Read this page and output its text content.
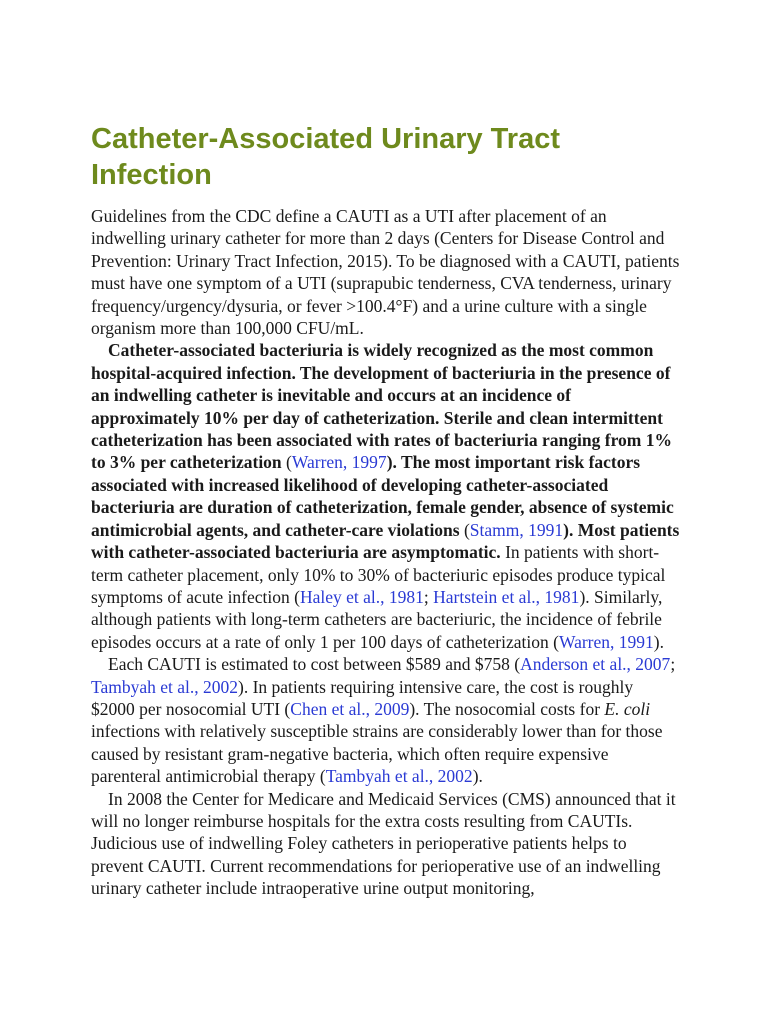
Catheter-Associated Urinary Tract Infection

Guidelines from the CDC define a CAUTI as a UTI after placement of an indwelling urinary catheter for more than 2 days (Centers for Disease Control and Prevention: Urinary Tract Infection, 2015). To be diagnosed with a CAUTI, patients must have one symptom of a UTI (suprapubic tenderness, CVA tenderness, urinary frequency/urgency/dysuria, or fever >100.4°F) and a urine culture with a single organism more than 100,000 CFU/mL.

Catheter-associated bacteriuria is widely recognized as the most common hospital-acquired infection. The development of bacteriuria in the presence of an indwelling catheter is inevitable and occurs at an incidence of approximately 10% per day of catheterization. Sterile and clean intermittent catheterization has been associated with rates of bacteriuria ranging from 1% to 3% per catheterization (Warren, 1997). The most important risk factors associated with increased likelihood of developing catheter-associated bacteriuria are duration of catheterization, female gender, absence of systemic antimicrobial agents, and catheter-care violations (Stamm, 1991). Most patients with catheter-associated bacteriuria are asymptomatic. In patients with short-term catheter placement, only 10% to 30% of bacteriuric episodes produce typical symptoms of acute infection (Haley et al., 1981; Hartstein et al., 1981). Similarly, although patients with long-term catheters are bacteriuric, the incidence of febrile episodes occurs at a rate of only 1 per 100 days of catheterization (Warren, 1991).

Each CAUTI is estimated to cost between $589 and $758 (Anderson et al., 2007; Tambyah et al., 2002). In patients requiring intensive care, the cost is roughly $2000 per nosocomial UTI (Chen et al., 2009). The nosocomial costs for E. coli infections with relatively susceptible strains are considerably lower than for those caused by resistant gram-negative bacteria, which often require expensive parenteral antimicrobial therapy (Tambyah et al., 2002).

In 2008 the Center for Medicare and Medicaid Services (CMS) announced that it will no longer reimburse hospitals for the extra costs resulting from CAUTIs. Judicious use of indwelling Foley catheters in perioperative patients helps to prevent CAUTI. Current recommendations for perioperative use of an indwelling urinary catheter include intraoperative urine output monitoring,
